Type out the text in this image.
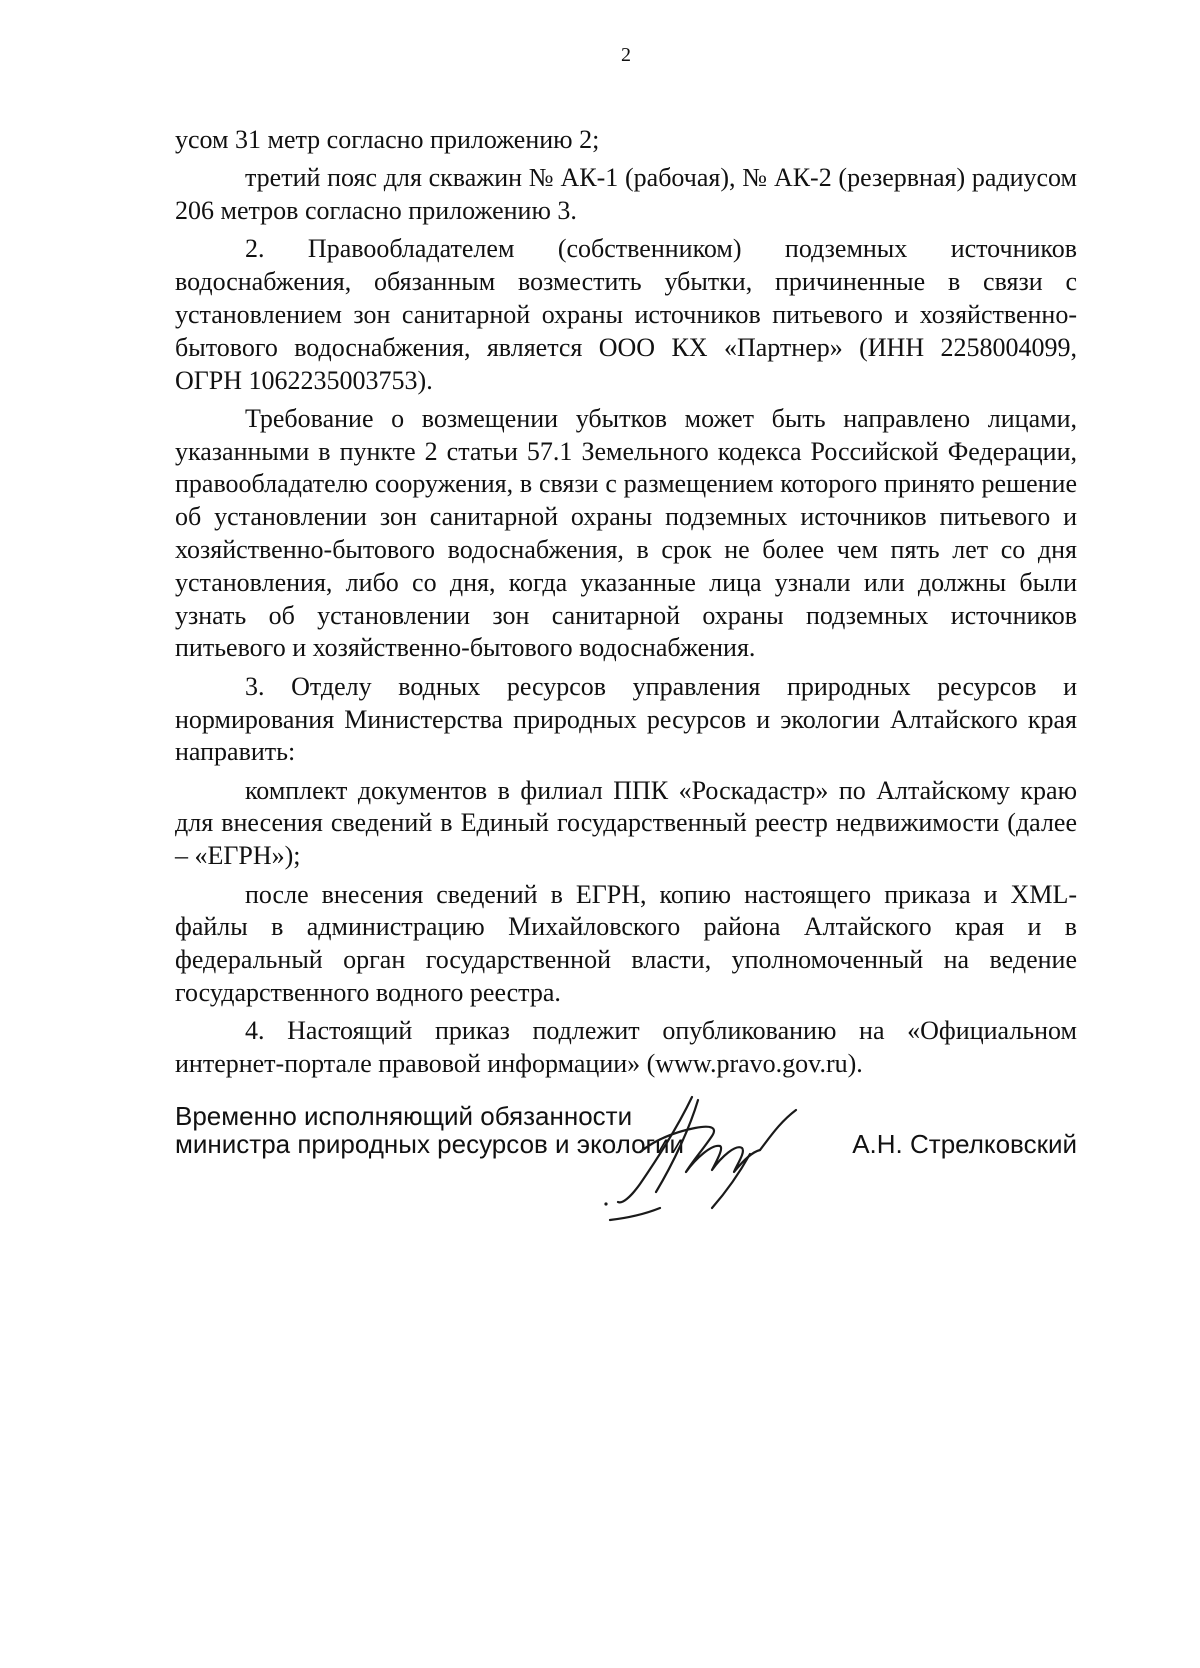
2

усом 31 метр согласно приложению 2;

третий пояс для скважин № АК-1 (рабочая), № АК-2 (резервная) радиусом 206 метров согласно приложению 3.

2. Правообладателем (собственником) подземных источников водоснабжения, обязанным возместить убытки, причиненные в связи с установлением зон санитарной охраны источников питьевого и хозяйственно-бытового водоснабжения, является ООО КХ «Партнер» (ИНН 2258004099, ОГРН 1062235003753).

Требование о возмещении убытков может быть направлено лицами, указанными в пункте 2 статьи 57.1 Земельного кодекса Российской Федерации, правообладателю сооружения, в связи с размещением которого принято решение об установлении зон санитарной охраны подземных источников питьевого и хозяйственно-бытового водоснабжения, в срок не более чем пять лет со дня установления, либо со дня, когда указанные лица узнали или должны были узнать об установлении зон санитарной охраны подземных источников питьевого и хозяйственно-бытового водоснабжения.

3. Отделу водных ресурсов управления природных ресурсов и нормирования Министерства природных ресурсов и экологии Алтайского края направить:

комплект документов в филиал ППК «Роскадастр» по Алтайскому краю для внесения сведений в Единый государственный реестр недвижимости (далее – «ЕГРН»);

после внесения сведений в ЕГРН, копию настоящего приказа и XML-файлы в администрацию Михайловского района Алтайского края и в федеральный орган государственной власти, уполномоченный на ведение государственного водного реестра.

4. Настоящий приказ подлежит опубликованию на «Официальном интернет-портале правовой информации» (www.pravo.gov.ru).

Временно исполняющий обязанности
министра природных ресурсов и экологии	А.Н. Стрелковский
